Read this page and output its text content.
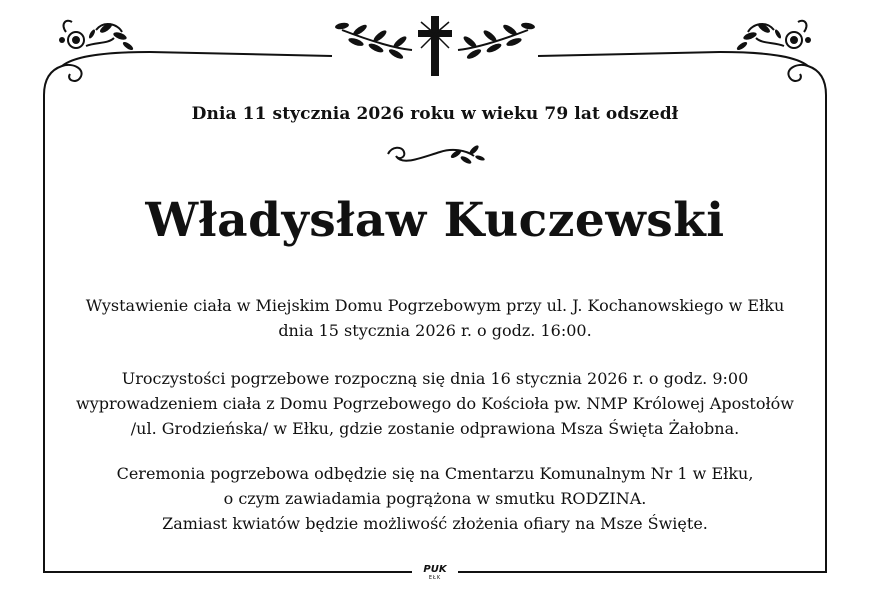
Dnia 11 stycznia 2026 roku w wieku 79 lat odszedł
Władysław Kuczewski
Wystawienie ciała w Miejskim Domu Pogrzebowym przy ul. J. Kochanowskiego w Ełku
dnia 15 stycznia 2026 r. o godz. 16:00.
Uroczystości pogrzebowe rozpoczną się dnia 16 stycznia 2026 r. o godz. 9:00
wyprowadzeniem ciała z Domu Pogrzebowego do Kościoła pw. NMP Królowej Apostołów
/ul. Grodzieńska/ w Ełku, gdzie zostanie odprawiona Msza Święta Żałobna.
Ceremonia pogrzebowa odbędzie się na Cmentarzu Komunalnym Nr 1 w Ełku,
o czym zawiadamia pogrążona w smutku RODZINA.
Zamiast kwiatów będzie możliwość złożenia ofiary na Msze Święte.
PUK
EŁK
